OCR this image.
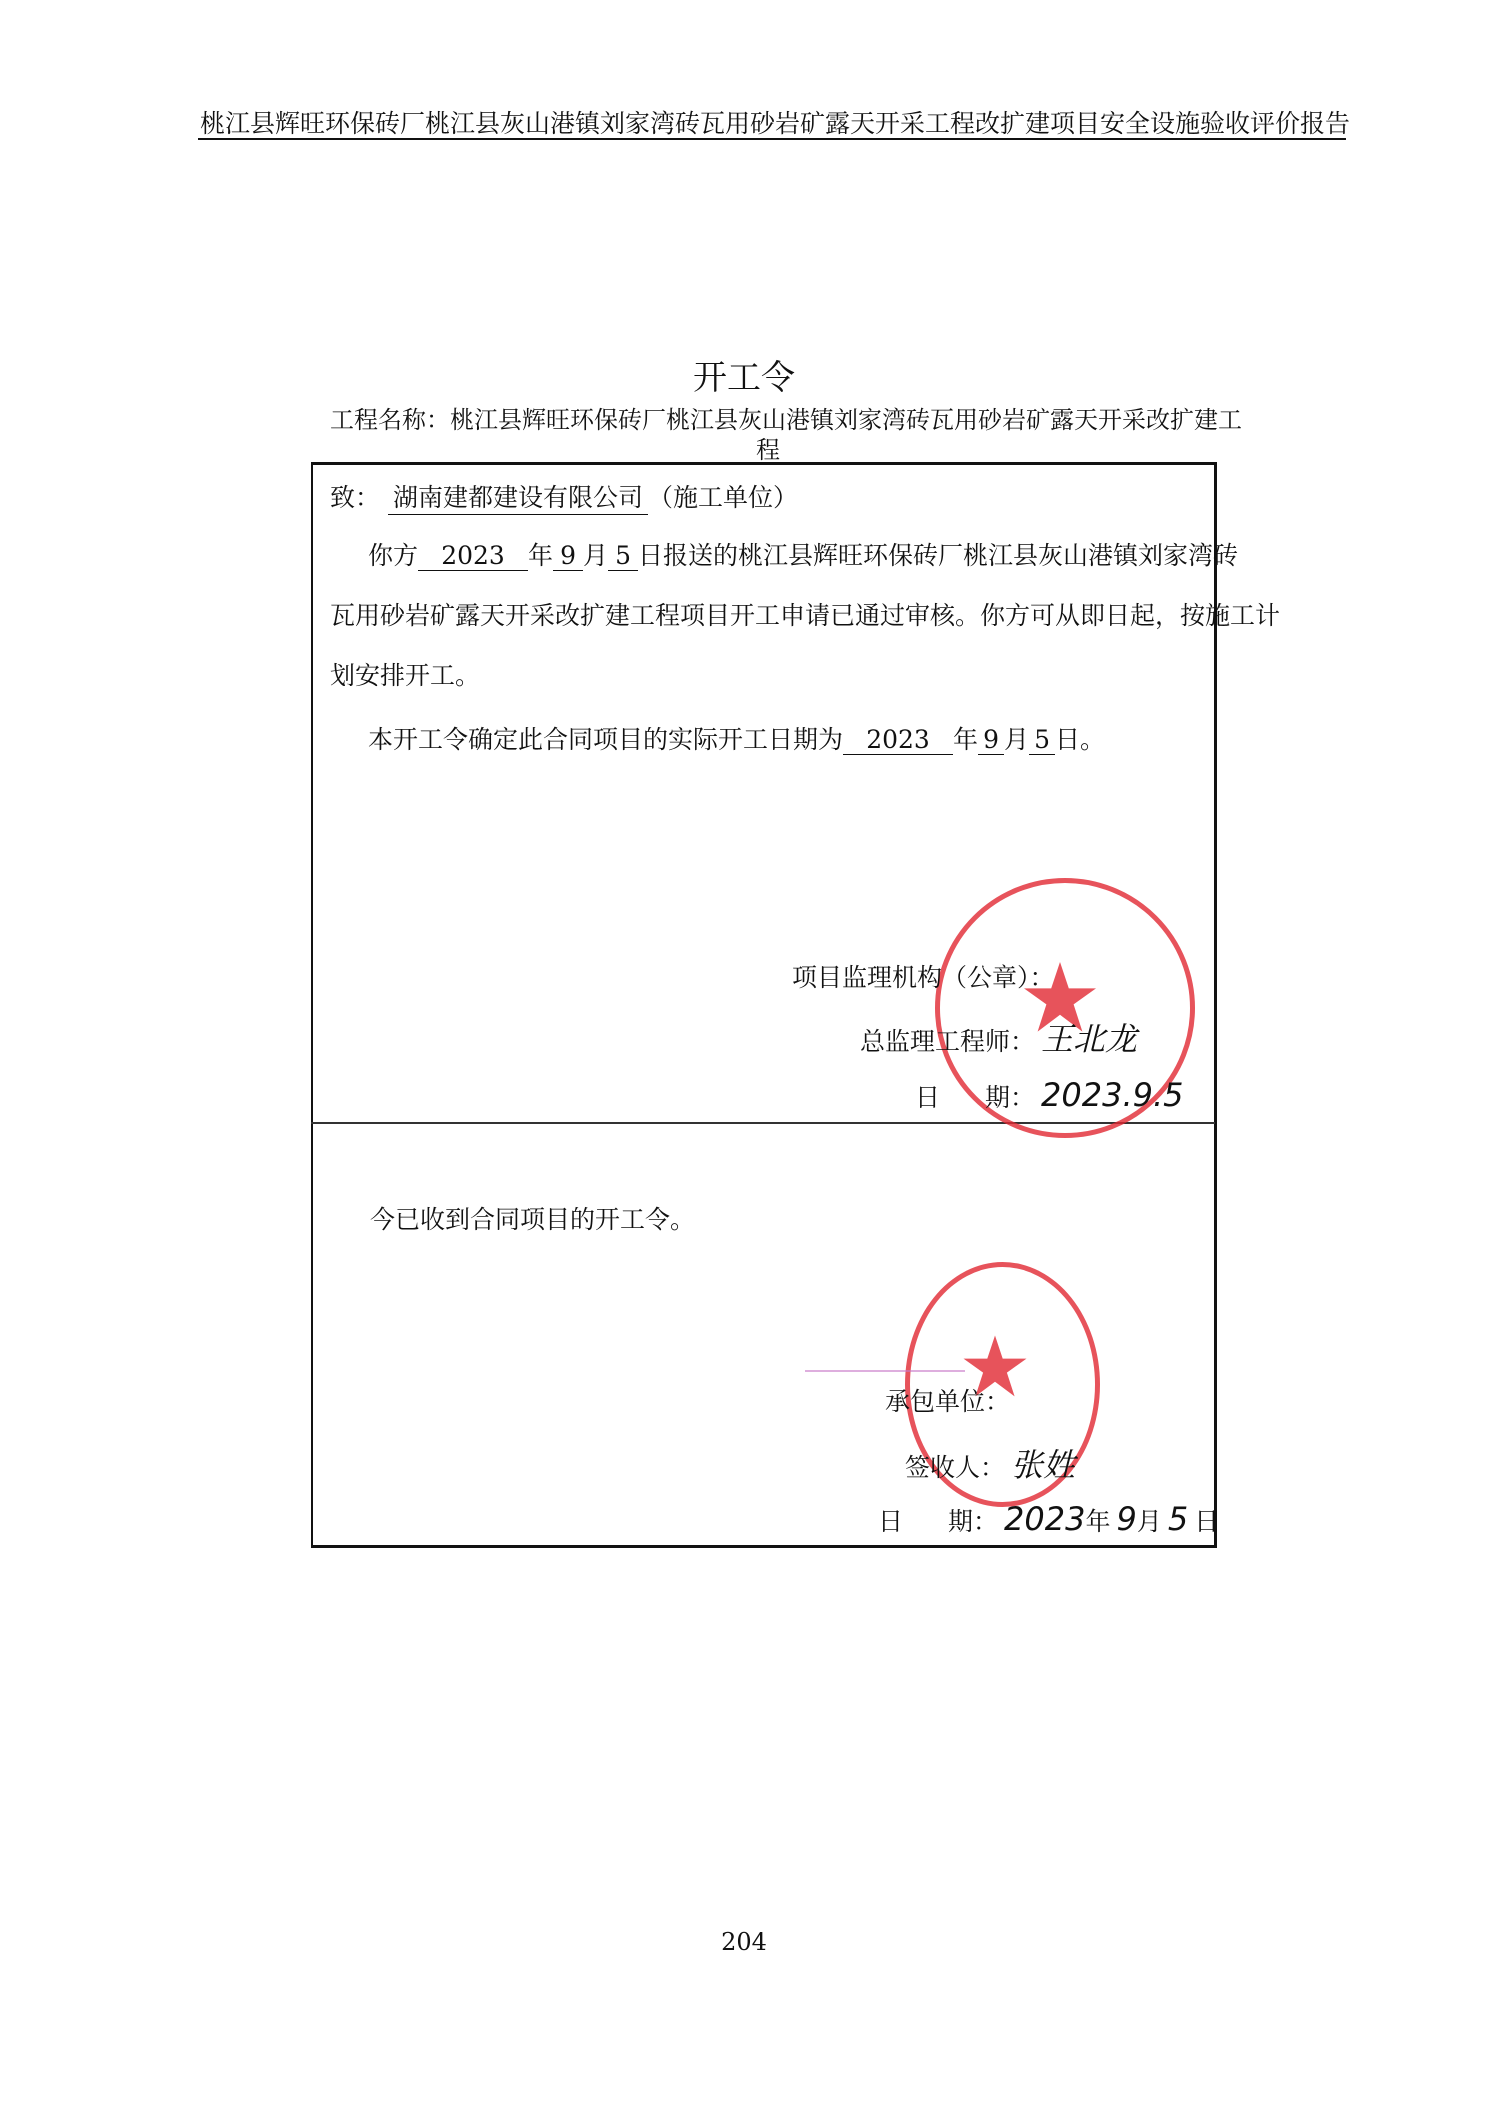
桃江县辉旺环保砖厂桃江县灰山港镇刘家湾砖瓦用砂岩矿露天开采工程改扩建项目安全设施验收评价报告
开工令
工程名称：桃江县辉旺环保砖厂桃江县灰山港镇刘家湾砖瓦用砂岩矿露天开采改扩建工
程
致： 湖南建都建设有限公司 （施工单位）
你方 2023 年 9 月 5 日报送的桃江县辉旺环保砖厂桃江县灰山港镇刘家湾砖
瓦用砂岩矿露天开采改扩建工程项目开工申请已通过审核。你方可从即日起，按施工计
划安排开工。
本开工令确定此合同项目的实际开工日期为 2023 年 9 月 5 日。
项目监理机构（公章）：
总监理工程师： 王北龙
日 期： 2023.9.5
今已收到合同项目的开工令。
承包单位：
签收人： 张姓
日 期： 2023年 9月 5 日
204
